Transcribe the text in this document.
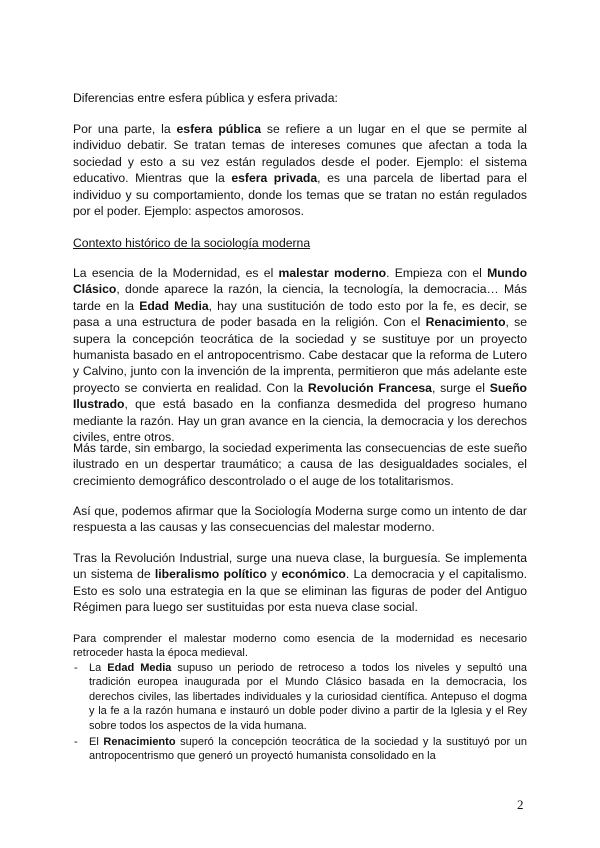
Diferencias entre esfera pública y esfera privada:

Por una parte, la esfera pública se refiere a un lugar en el que se permite al individuo debatir. Se tratan temas de intereses comunes que afectan a toda la sociedad y esto a su vez están regulados desde el poder. Ejemplo: el sistema educativo. Mientras que la esfera privada, es una parcela de libertad para el individuo y su comportamiento, donde los temas que se tratan no están regulados por el poder. Ejemplo: aspectos amorosos.

Contexto histórico de la sociología moderna

La esencia de la Modernidad, es el malestar moderno. Empieza con el Mundo Clásico, donde aparece la razón, la ciencia, la tecnología, la democracia… Más tarde en la Edad Media, hay una sustitución de todo esto por la fe, es decir, se pasa a una estructura de poder basada en la religión. Con el Renacimiento, se supera la concepción teocrática de la sociedad y se sustituye por un proyecto humanista basado en el antropocentrismo. Cabe destacar que la reforma de Lutero y Calvino, junto con la invención de la imprenta, permitieron que más adelante este proyecto se convierta en realidad. Con la Revolución Francesa, surge el Sueño Ilustrado, que está basado en la confianza desmedida del progreso humano mediante la razón. Hay un gran avance en la ciencia, la democracia y los derechos civiles, entre otros.

Más tarde, sin embargo, la sociedad experimenta las consecuencias de este sueño ilustrado en un despertar traumático; a causa de las desigualdades sociales, el crecimiento demográfico descontrolado o el auge de los totalitarismos.

Así que, podemos afirmar que la Sociología Moderna surge como un intento de dar respuesta a las causas y las consecuencias del malestar moderno.

Tras la Revolución Industrial, surge una nueva clase, la burguesía. Se implementa un sistema de liberalismo político y económico. La democracia y el capitalismo. Esto es solo una estrategia en la que se eliminan las figuras de poder del Antiguo Régimen para luego ser sustituidas por esta nueva clase social.

Para comprender el malestar moderno como esencia de la modernidad es necesario retroceder hasta la época medieval.

- La Edad Media supuso un periodo de retroceso a todos los niveles y sepultó una tradición europea inaugurada por el Mundo Clásico basada en la democracia, los derechos civiles, las libertades individuales y la curiosidad científica. Antepuso el dogma y la fe a la razón humana e instauró un doble poder divino a partir de la Iglesia y el Rey sobre todos los aspectos de la vida humana.
- El Renacimiento superó la concepción teocrática de la sociedad y la sustituyó por un antropocentrismo que generó un proyectó humanista consolidado en la
2
